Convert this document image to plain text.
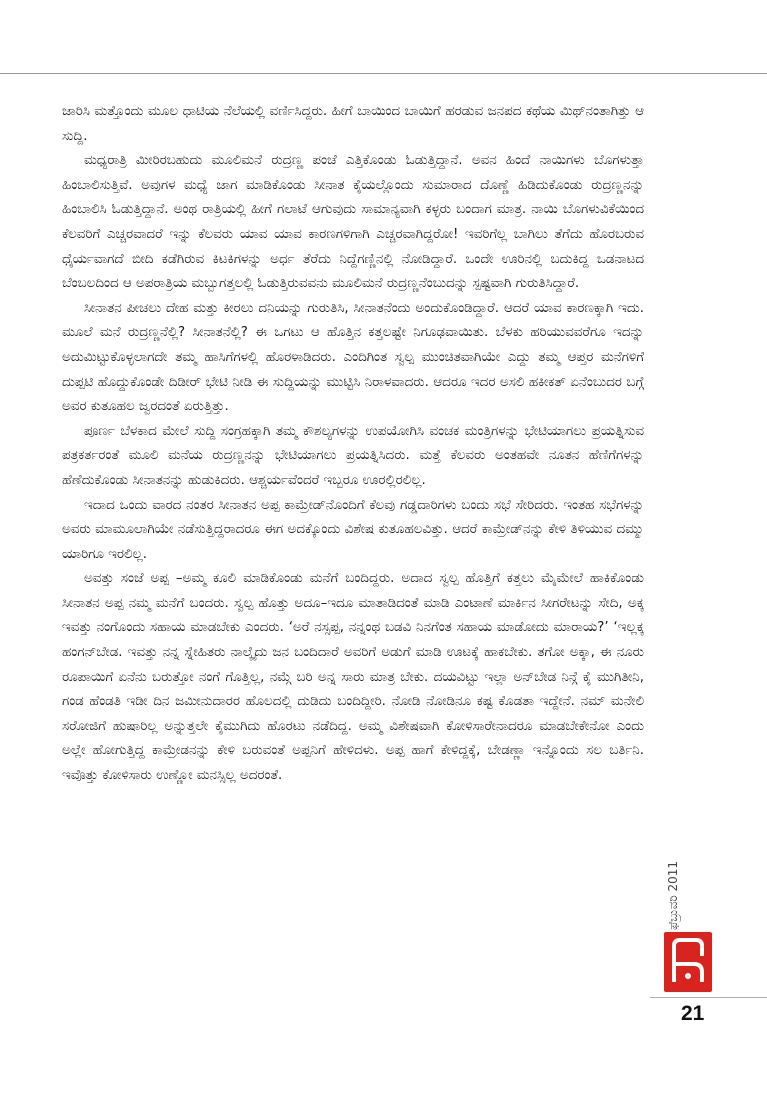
ಜಾರಿಸಿ ಮತ್ತೊಂದು ಮೂಲ ಧಾಟಿಯ ನೆಲೆಯಲ್ಲಿ ವರ್ಣಿಸಿದ್ದರು. ಹೀಗೆ ಬಾಯಿಂದ ಬಾಯಿಗೆ ಹರಡುವ ಜನಪದ ಕಥೆಯ ಮಿಥ್‌ನಂತಾಗಿತ್ತು ಆ ಸುದ್ದಿ.

ಮಧ್ಯರಾತ್ರಿ ಮೀರಿರಬಹುದು ಮೂಲಿಮನೆ ರುದ್ರಣ್ಣ ಪಂಚೆ ಎತ್ತಿಕೊಂಡು ಓಡುತ್ತಿದ್ದಾನೆ. ಅವನ ಹಿಂದೆ ನಾಯಿಗಳು ಬೊಗಳುತ್ತಾ ಹಿಂಬಾಲಿಸುತ್ತಿವೆ. ಅವುಗಳ ಮಧ್ಯೆ ಜಾಗ ಮಾಡಿಕೊಂಡು ಸೀನಾತ ಕೈಯಲ್ಲೊಂದು ಸುಮಾರಾದ ದೊಣ್ಣೆ ಹಿಡಿದುಕೊಂಡು ರುದ್ರಣ್ಣನನ್ನು ಹಿಂಬಾಲಿಸಿ ಓಡುತ್ತಿದ್ದಾನೆ. ಅಂಥ ರಾತ್ರಿಯಲ್ಲಿ ಹೀಗೆ ಗಲಾಟೆ ಆಗುವುದು ಸಾಮಾನ್ಯವಾಗಿ ಕಳ್ಳರು ಬಂದಾಗ ಮಾತ್ರ. ನಾಯಿ ಬೊಗಳುವಿಕೆಯಿಂದ ಕೆಲವರಿಗೆ ಎಚ್ಚರವಾದರೆ ಇನ್ನು ಕೆಲವರು ಯಾವ ಯಾವ ಕಾರಣಗಳಿಗಾಗಿ ಎಚ್ಚರವಾಗಿದ್ದರೋ! ಇವರಿಗೆಲ್ಲ ಬಾಗಿಲು ತೆಗೆದು ಹೊರಬರುವ ಧೈರ್ಯವಾಗದೆ ಬೀದಿ ಕಡೆಗಿರುವ ಕಿಟಕಿಗಳನ್ನು ಅರ್ಧ ತೆರೆದು ನಿದ್ದೆಗಣ್ಣಿನಲ್ಲಿ ನೋಡಿದ್ದಾರೆ. ಒಂದೇ ಊರಿನಲ್ಲಿ ಬದುಕಿದ್ದ ಒಡನಾಟದ ಬೆಂಬಲದಿಂದ ಆ ಅಪರಾತ್ರಿಯ ಮಬ್ಬುಗತ್ತಲಲ್ಲಿ ಓಡುತ್ತಿರುವವನು ಮೂಲಿಮನೆ ರುದ್ರಣ್ಣನೆಂಬುದನ್ನು ಸ್ಪಷ್ಟವಾಗಿ ಗುರುತಿಸಿದ್ದಾರೆ.

ಸೀನಾತನ ಪೀಚಲು ದೇಹ ಮತ್ತು ಕೀರಲು ದನಿಯನ್ನು ಗುರುತಿಸಿ, ಸೀನಾತನೆಂದು ಅಂದುಕೊಂಡಿದ್ದಾರೆ. ಆದರೆ ಯಾವ ಕಾರಣಕ್ಕಾಗಿ ಇದು. ಮೂಲೆ ಮನೆ ರುದ್ರಣ್ಣನೆಲ್ಲಿ? ಸೀನಾತನೆಲ್ಲಿ? ಈ ಒಗಟು ಆ ಹೊತ್ತಿನ ಕತ್ತಲಷ್ಟೇ ನಿಗೂಢವಾಯಿತು. ಬೆಳಕು ಹರಿಯುವವರೆಗೂ ಇದನ್ನು ಅದುಮಿಟ್ಟುಕೊಳ್ಳಲಾಗದೇ ತಮ್ಮ ಹಾಸಿಗೆಗಳಲ್ಲಿ ಹೊರಳಾಡಿದರು. ಎಂದಿಗಿಂತ ಸ್ವಲ್ಪ ಮುಂಚಿತವಾಗಿಯೇ ಎದ್ದು ತಮ್ಮ ಆಪ್ತರ ಮನೆಗಳಿಗೆ ದುಪ್ಪಟಿ ಹೊದ್ದುಕೊಂಡೇ ದಿಡೀರ್ ಭೇಟಿ ನೀಡಿ ಈ ಸುದ್ದಿಯನ್ನು ಮುಟ್ಟಿಸಿ ನಿರಾಳವಾದರು. ಆದರೂ ಇದರ ಅಸಲಿ ಹಕೀಕತ್ ಏನೆಂಬುದರ ಬಗ್ಗೆ ಅವರ ಕುತೂಹಲ ಜ್ವರದಂತೆ ಏರುತ್ತಿತ್ತು.

ಪೂರ್ಣ ಬೆಳಕಾದ ಮೇಲೆ ಸುದ್ದಿ ಸಂಗ್ರಹಕ್ಕಾಗಿ ತಮ್ಮ ಕೌಶಲ್ಯಗಳನ್ನು ಉಪಯೋಗಿಸಿ ವಂಚಕ ಮಂತ್ರಿಗಳನ್ನು ಭೇಟಿಯಾಗಲು ಪ್ರಯತ್ನಿಸುವ ಪತ್ರಕರ್ತರಂತೆ ಮೂಲಿ ಮನೆಯ ರುದ್ರಣ್ಣನನ್ನು ಭೇಟಿಯಾಗಲು ಪ್ರಯತ್ನಿಸಿದರು. ಮತ್ತೆ ಕೆಲವರು ಅಂತಹವೇ ನೂತನ ಹೆಣಿಗೆಗಳನ್ನು ಹೆಣೆದುಕೊಂಡು ಸೀನಾತನನ್ನು ಹುಡುಕಿದರು. ಆಶ್ಚರ್ಯವೆಂದರೆ ಇಬ್ಬರೂ ಊರಲ್ಲಿರಲಿಲ್ಲ.

ಇದಾದ ಒಂದು ವಾರದ ನಂತರ ಸೀನಾತನ ಅಪ್ಪ ಕಾಮ್ರೇಡ್‌ನೊಂದಿಗೆ ಕೆಲವು ಗಡ್ಡದಾರಿಗಳು ಬಂದು ಸಭೆ ಸೇರಿದರು. ಇಂತಹ ಸಭೆಗಳನ್ನು ಅವರು ಮಾಮೂಲಾಗಿಯೇ ನಡೆಸುತ್ತಿದ್ದರಾದರೂ ಈಗ ಅದಕ್ಕೊಂದು ವಿಶೇಷ ಕುತೂಹಲವಿತ್ತು. ಆದರೆ ಕಾಮ್ರೇಡ್‌ನನ್ನು ಕೇಳಿ ತಿಳಿಯುವ ದಮ್ಮು ಯಾರಿಗೂ ಇರಲಿಲ್ಲ.

ಅವತ್ತು ಸಂಜೆ ಅಪ್ಪ –ಅಮ್ಮ ಕೂಲಿ ಮಾಡಿಕೊಂಡು ಮನೆಗೆ ಬಂದಿದ್ದರು. ಅದಾದ ಸ್ವಲ್ಪ ಹೊತ್ತಿಗೆ ಕತ್ತಲು ಮೈಮೇಲೆ ಹಾಕಿಕೊಂಡು ಸೀನಾತನ ಅಪ್ಪ ನಮ್ಮ ಮನೆಗೆ ಬಂದರು. ಸ್ವಲ್ಪ ಹೊತ್ತು ಅದೂ–ಇದೂ ಮಾತಾಡಿದಂತೆ ಮಾಡಿ ಎಂಟಾಣೆ ಮಾರ್ಕಿನ ಸೀಗರೇಟನ್ನು ಸೇದಿ, ಅಕ್ಕ ಇವತ್ತು ನಂಗೊಂದು ಸಹಾಯ ಮಾಡಬೇಕು ಎಂದರು. ‘ಅರೆ ನಸ್ಸಪ್ಪ, ನನ್ನಂಥ ಬಡವಿ ನಿನಗೆಂತ ಸಹಾಯ ಮಾಡೋದು ಮಾರಾಯ?’ ‘ಇಲ್ಲಕ್ಕ ಹಂಗನ್‌ಬೇಡ. ಇವತ್ತು ನನ್ನ ಸ್ನೇಹಿತರು ನಾಲ್ಕೈದು ಜನ ಬಂದಿದಾರೆ ಅವರಿಗೆ ಅಡುಗೆ ಮಾಡಿ ಊಟಕ್ಕೆ ಹಾಕಬೇಕು. ತಗೋ ಅಕ್ಕಾ, ಈ ನೂರು ರೂಪಾಯಿಗೆ ಏನೆನು ಬರುತ್ತೋ ನಂಗೆ ಗೊತ್ತಿಲ್ಲ, ನಮ್ಗೆ ಬರಿ ಅನ್ನ ಸಾರು ಮಾತ್ರ ಬೇಕು. ದಯವಿಟ್ಟು ಇಲ್ಲಾ ಅನ್‌ಬೇಡ ನಿನ್ಗೆ ಕೈ ಮುಗಿತೀನಿ, ಗಂಡ ಹೆಂಡತಿ ಇಡೀ ದಿನ ಜಮೀನುದಾರರ ಹೊಲದಲ್ಲಿ ದುಡಿದು ಬಂದಿದ್ದೀರಿ. ನೋಡಿ ನೋಡಿನೂ ಕಷ್ಟ ಕೊಡತಾ ಇದ್ದೇನೆ. ನಮ್ ಮನೇಲಿ ಸರೋಜಿಗೆ ಹುಷಾರಿಲ್ಲ ಅನ್ನುತ್ತಲೇ ಕೈಮುಗಿದು ಹೊರಟು ನಡೆದಿದ್ದ. ಅಮ್ಮ ವಿಶೇಷವಾಗಿ ಕೋಳಿಸಾರೇನಾದರೂ ಮಾಡಬೇಕೇನೋ ಎಂದು ಅಲ್ಲೇ ಹೋಗುತ್ತಿದ್ದ ಕಾಮ್ರೇಡನನ್ನು ಕೇಳಿ ಬರುವಂತೆ ಅಪ್ಪನಿಗೆ ಹೇಳಿದಳು. ಅಪ್ಪ ಹಾಗೆ ಕೇಳಿದ್ದಕ್ಕೆ, ಬೇಡಣ್ಣಾ ಇನ್ನೊಂದು ಸಲ ಬರ್ತಿನಿ. ಇವೊತ್ತು ಕೋಳಿಸಾರು ಉಣ್ಣೋ ಮನಸ್ಸಿಲ್ಲ ಅದರಂತೆ.

ಫೆಬ್ರುವರಿ 2011
21
